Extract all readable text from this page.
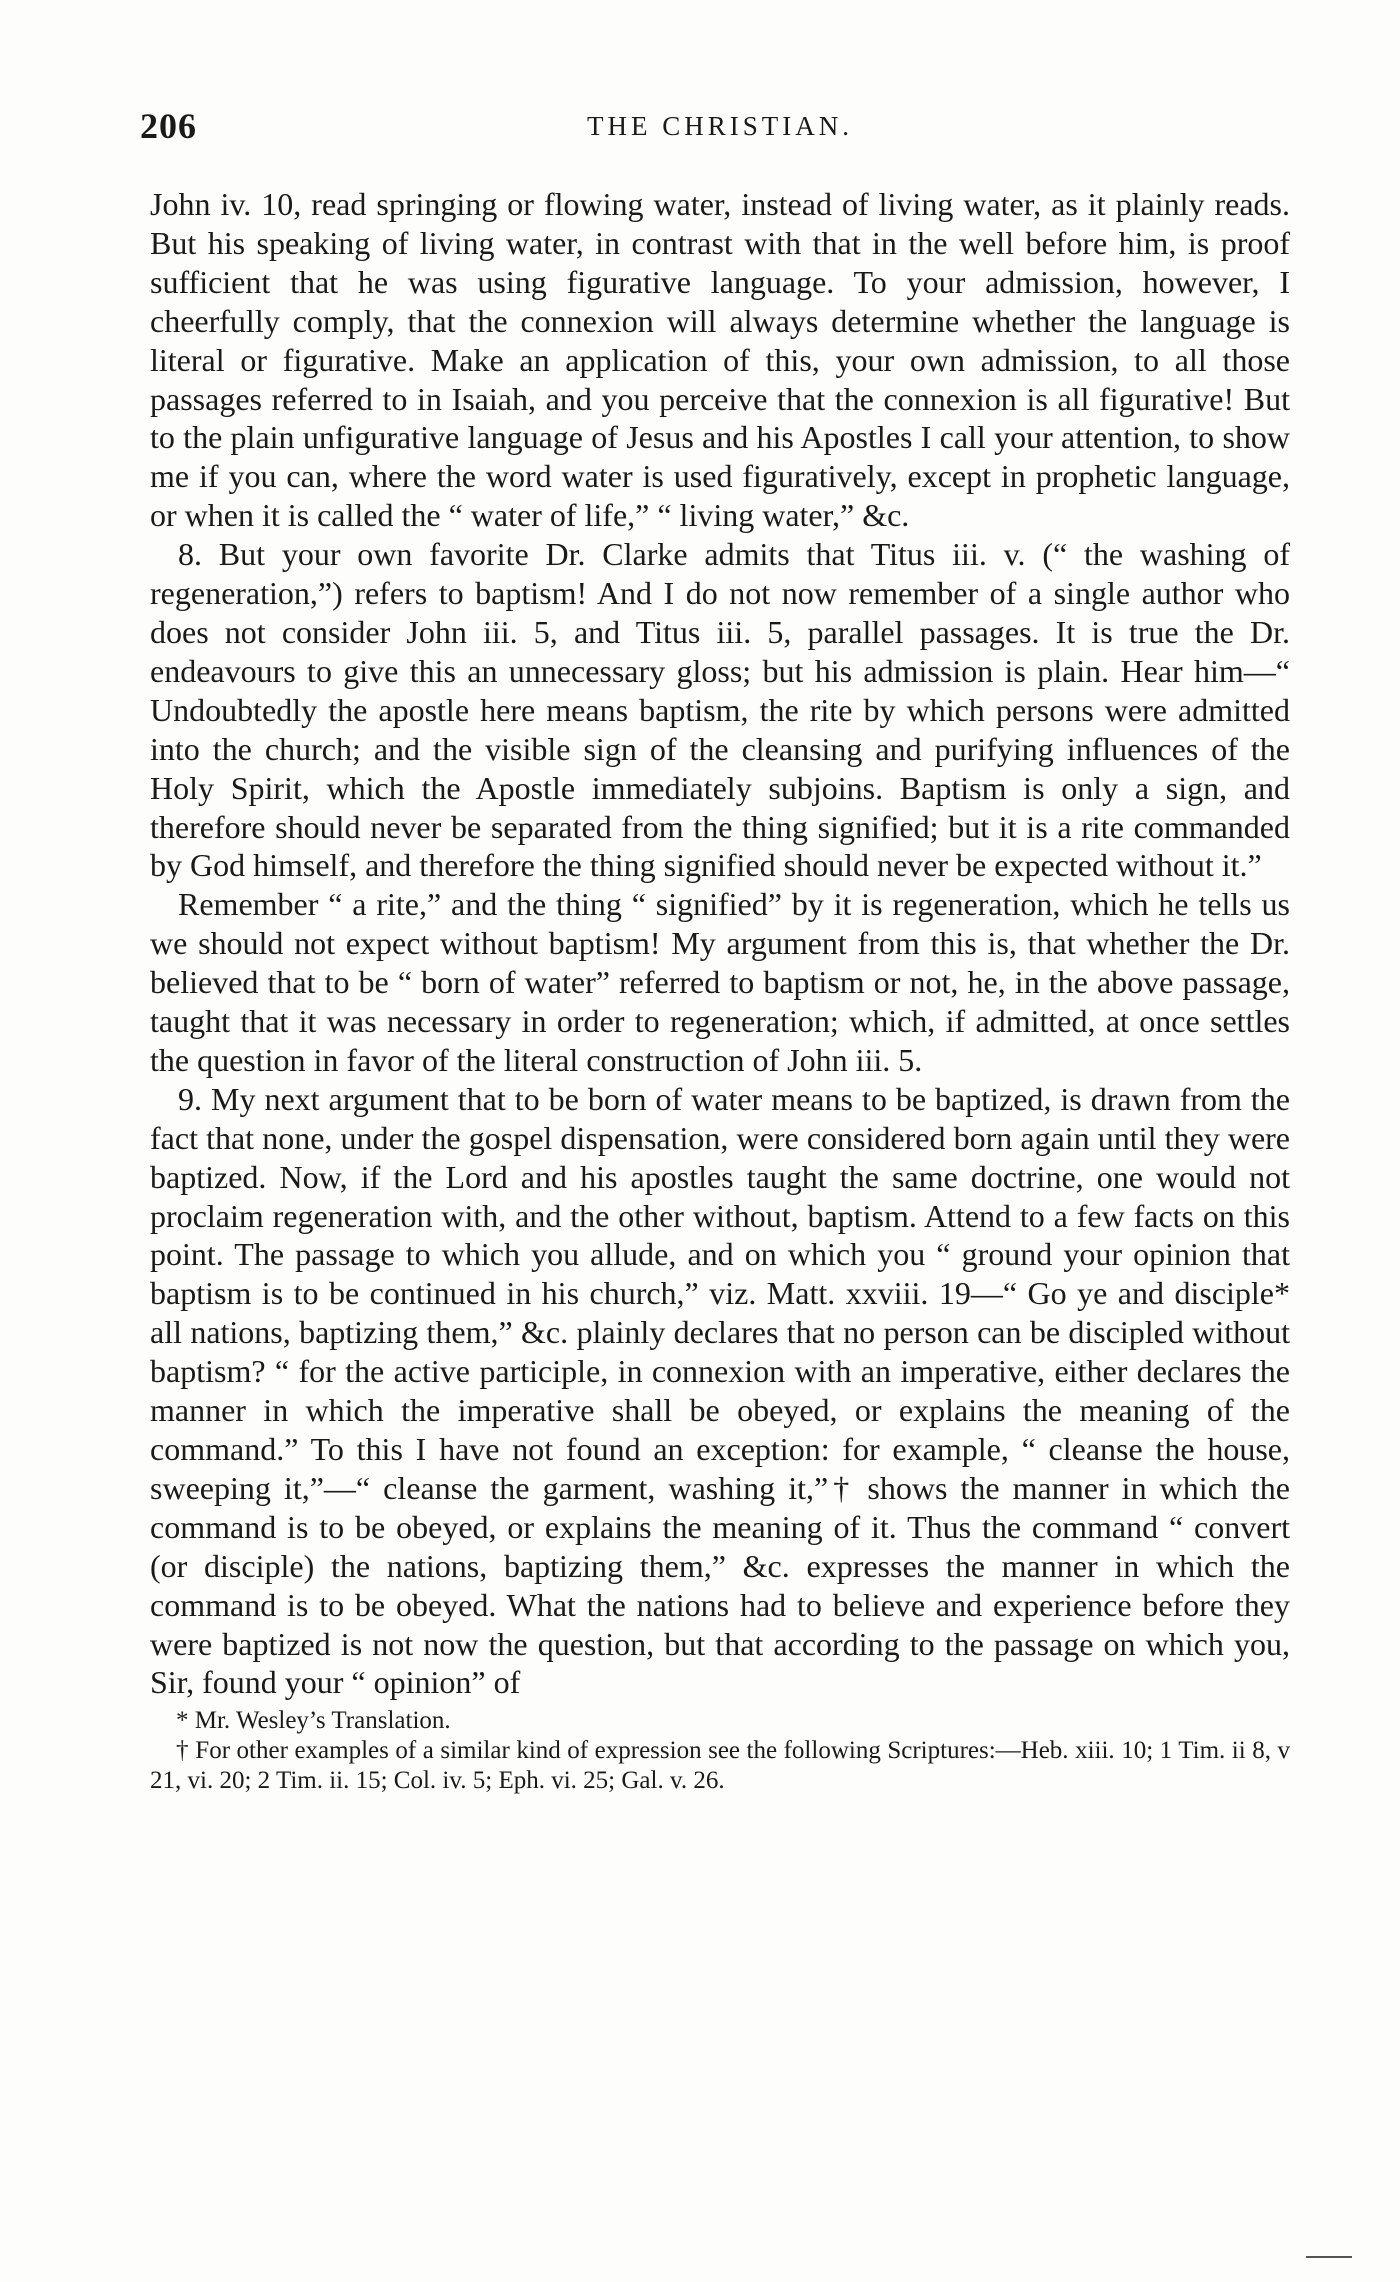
206	THE CHRISTIAN.

John iv. 10, read springing or flowing water, instead of living water, as it plainly reads. But his speaking of living water, in contrast with that in the well before him, is proof sufficient that he was using figurative language. To your admission, however, I cheerfully comply, that the connexion will always determine whether the language is literal or figurative. Make an application of this, your own admission, to all those passages referred to in Isaiah, and you perceive that the connexion is all figurative! But to the plain unfigurative language of Jesus and his Apostles I call your attention, to show me if you can, where the word water is used figuratively, except in prophetic language, or when it is called the “ water of life,” “ living water,” &c.

8. But your own favorite Dr. Clarke admits that Titus iii. v. (“ the washing of regeneration,”) refers to baptism! And I do not now remember of a single author who does not consider John iii. 5, and Titus iii. 5, parallel passages. It is true the Dr. endeavours to give this an unnecessary gloss; but his admission is plain. Hear him—“ Undoubtedly the apostle here means baptism, the rite by which persons were admitted into the church; and the visible sign of the cleansing and purifying influences of the Holy Spirit, which the Apostle immediately subjoins. Baptism is only a sign, and therefore should never be separated from the thing signified; but it is a rite commanded by God himself, and therefore the thing signified should never be expected without it.”

Remember “ a rite,” and the thing “ signified” by it is regeneration, which he tells us we should not expect without baptism! My argument from this is, that whether the Dr. believed that to be “ born of water” referred to baptism or not, he, in the above passage, taught that it was necessary in order to regeneration; which, if admitted, at once settles the question in favor of the literal construction of John iii. 5.

9. My next argument that to be born of water means to be baptized, is drawn from the fact that none, under the gospel dispensation, were considered born again until they were baptized. Now, if the Lord and his apostles taught the same doctrine, one would not proclaim regeneration with, and the other without, baptism. Attend to a few facts on this point. The passage to which you allude, and on which you “ ground your opinion that baptism is to be continued in his church,” viz. Matt. xxviii. 19—“ Go ye and disciple* all nations, baptizing them,” &c. plainly declares that no person can be discipled without baptism? “ for the active participle, in connexion with an imperative, either declares the manner in which the imperative shall be obeyed, or explains the meaning of the command.” To this I have not found an exception: for example, “ cleanse the house, sweeping it,”—“ cleanse the garment, washing it,”† shows the manner in which the command is to be obeyed, or explains the meaning of it. Thus the command “ convert (or disciple) the nations, baptizing them,” &c. expresses the manner in which the command is to be obeyed. What the nations had to believe and experience before they were baptized is not now the question, but that according to the passage on which you, Sir, found your “ opinion” of

* Mr. Wesley’s Translation.

† For other examples of a similar kind of expression see the following Scriptures:—Heb. xiii. 10; 1 Tim. ii 8, v 21, vi. 20; 2 Tim. ii. 15; Col. iv. 5; Eph. vi. 25; Gal. v. 26.
